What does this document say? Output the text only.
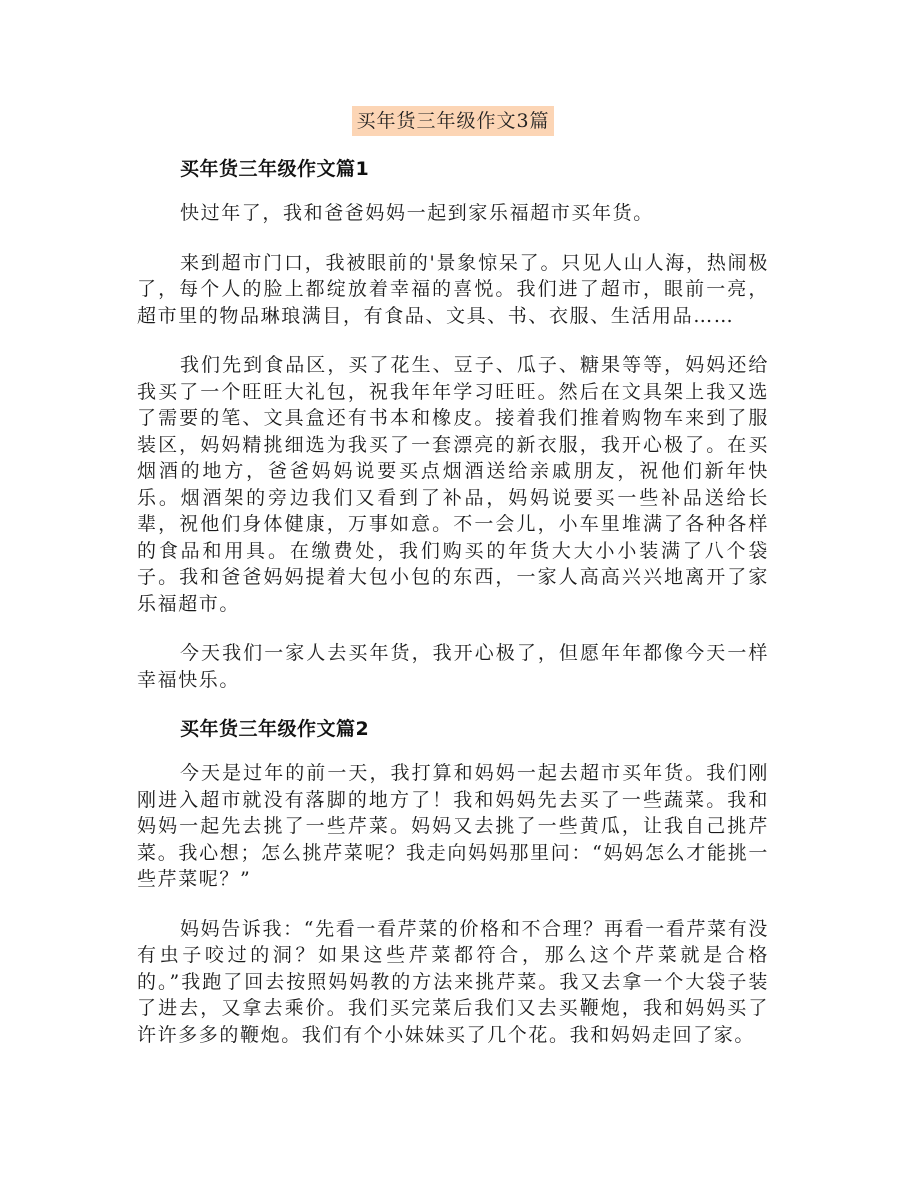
买年货三年级作文3篇
买年货三年级作文篇1

快过年了，我和爸爸妈妈一起到家乐福超市买年货。

来到超市门口，我被眼前的'景象惊呆了。只见人山人海，热闹极了，每个人的脸上都绽放着幸福的喜悦。我们进了超市，眼前一亮，超市里的物品琳琅满目，有食品、文具、书、衣服、生活用品……

我们先到食品区，买了花生、豆子、瓜子、糖果等等，妈妈还给我买了一个旺旺大礼包，祝我年年学习旺旺。然后在文具架上我又选了需要的笔、文具盒还有书本和橡皮。接着我们推着购物车来到了服装区，妈妈精挑细选为我买了一套漂亮的新衣服，我开心极了。在买烟酒的地方，爸爸妈妈说要买点烟酒送给亲戚朋友，祝他们新年快乐。烟酒架的旁边我们又看到了补品，妈妈说要买一些补品送给长辈，祝他们身体健康，万事如意。不一会儿，小车里堆满了各种各样的食品和用具。在缴费处，我们购买的年货大大小小装满了八个袋子。我和爸爸妈妈提着大包小包的东西，一家人高高兴兴地离开了家乐福超市。

今天我们一家人去买年货，我开心极了，但愿年年都像今天一样幸福快乐。

买年货三年级作文篇2

今天是过年的前一天，我打算和妈妈一起去超市买年货。我们刚刚进入超市就没有落脚的地方了！我和妈妈先去买了一些蔬菜。我和妈妈一起先去挑了一些芹菜。妈妈又去挑了一些黄瓜，让我自己挑芹菜。我心想；怎么挑芹菜呢？我走向妈妈那里问：“妈妈怎么才能挑一些芹菜呢？”

妈妈告诉我：“先看一看芹菜的价格和不合理？再看一看芹菜有没有虫子咬过的洞？如果这些芹菜都符合，那么这个芹菜就是合格的。”我跑了回去按照妈妈教的方法来挑芹菜。我又去拿一个大袋子装了进去，又拿去乘价。我们买完菜后我们又去买鞭炮，我和妈妈买了许许多多的鞭炮。我们有个小妹妹买了几个花。我和妈妈走回了家。
